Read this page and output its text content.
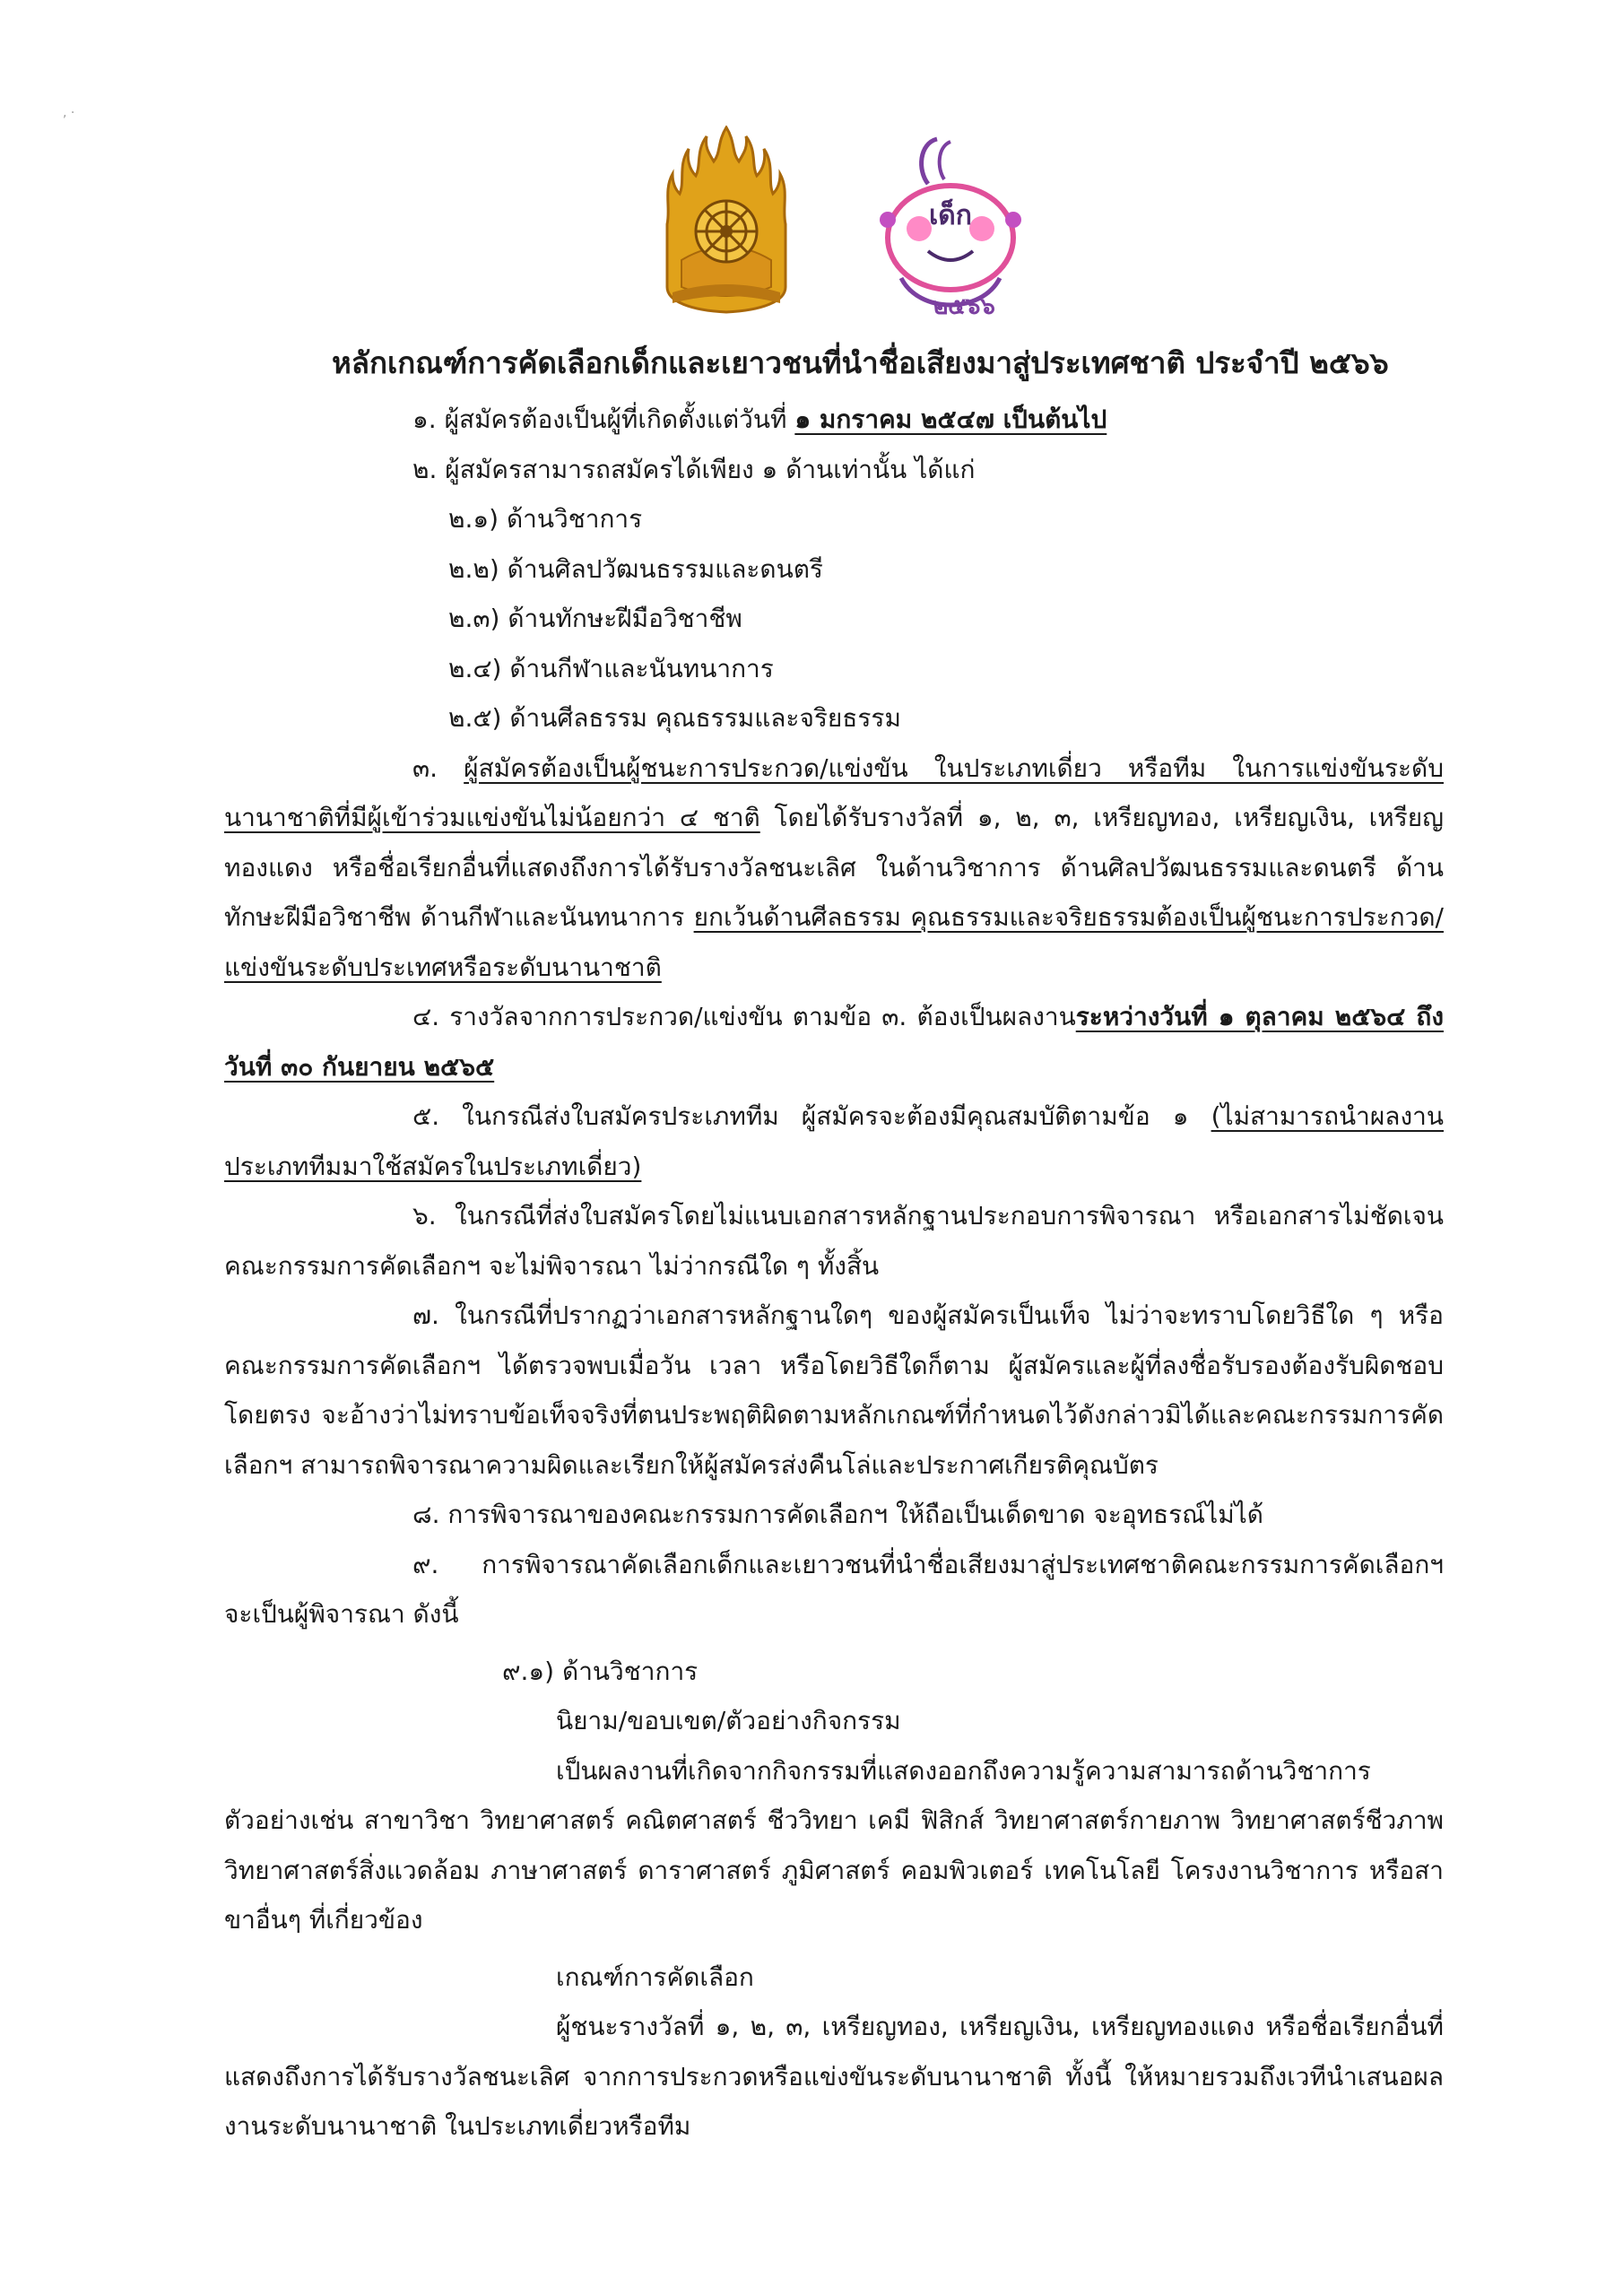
เด็ก
๒๕๖๖
, ·

หลักเกณฑ์การคัดเลือกเด็กและเยาวชนที่นำชื่อเสียงมาสู่ประเทศชาติ ประจำปี ๒๕๖๖

๑. ผู้สมัครต้องเป็นผู้ที่เกิดตั้งแต่วันที่ ๑ มกราคม ๒๕๔๗ เป็นต้นไป

๒. ผู้สมัครสามารถสมัครได้เพียง ๑ ด้านเท่านั้น ได้แก่

๒.๑) ด้านวิชาการ

๒.๒) ด้านศิลปวัฒนธรรมและดนตรี

๒.๓) ด้านทักษะฝีมือวิชาชีพ

๒.๔) ด้านกีฬาและนันทนาการ

๒.๕) ด้านศีลธรรม คุณธรรมและจริยธรรม

๓. ผู้สมัครต้องเป็นผู้ชนะการประกวด/แข่งขัน ในประเภทเดี่ยว หรือทีม ในการแข่งขันระดับนานาชาติที่มีผู้เข้าร่วมแข่งขันไม่น้อยกว่า ๔ ชาติ โดยได้รับรางวัลที่ ๑, ๒, ๓, เหรียญทอง, เหรียญเงิน, เหรียญทองแดง หรือชื่อเรียกอื่นที่แสดงถึงการได้รับรางวัลชนะเลิศ ในด้านวิชาการ ด้านศิลปวัฒนธรรมและดนตรี ด้านทักษะฝีมือวิชาชีพ ด้านกีฬาและนันทนาการ ยกเว้นด้านศีลธรรม คุณธรรมและจริยธรรมต้องเป็นผู้ชนะการประกวด/แข่งขันระดับประเทศหรือระดับนานาชาติ

๔. รางวัลจากการประกวด/แข่งขัน ตามข้อ ๓. ต้องเป็นผลงานระหว่างวันที่ ๑ ตุลาคม ๒๕๖๔ ถึงวันที่ ๓๐ กันยายน ๒๕๖๕

๕. ในกรณีส่งใบสมัครประเภททีม ผู้สมัครจะต้องมีคุณสมบัติตามข้อ ๑ (ไม่สามารถนำผลงานประเภททีมมาใช้สมัครในประเภทเดี่ยว)

๖. ในกรณีที่ส่งใบสมัครโดยไม่แนบเอกสารหลักฐานประกอบการพิจารณา หรือเอกสารไม่ชัดเจน คณะกรรมการคัดเลือกฯ จะไม่พิจารณา ไม่ว่ากรณีใด ๆ ทั้งสิ้น

๗. ในกรณีที่ปรากฏว่าเอกสารหลักฐานใดๆ ของผู้สมัครเป็นเท็จ ไม่ว่าจะทราบโดยวิธีใด ๆ หรือคณะกรรมการคัดเลือกฯ ได้ตรวจพบเมื่อวัน เวลา หรือโดยวิธีใดก็ตาม ผู้สมัครและผู้ที่ลงชื่อรับรองต้องรับผิดชอบโดยตรง จะอ้างว่าไม่ทราบข้อเท็จจริงที่ตนประพฤติผิดตามหลักเกณฑ์ที่กำหนดไว้ดังกล่าวมิได้และคณะกรรมการคัดเลือกฯ สามารถพิจารณาความผิดและเรียกให้ผู้สมัครส่งคืนโล่และประกาศเกียรติคุณบัตร

๘. การพิจารณาของคณะกรรมการคัดเลือกฯ ให้ถือเป็นเด็ดขาด จะอุทธรณ์ไม่ได้

๙. การพิจารณาคัดเลือกเด็กและเยาวชนที่นำชื่อเสียงมาสู่ประเทศชาติคณะกรรมการคัดเลือกฯ จะเป็นผู้พิจารณา ดังนี้

๙.๑) ด้านวิชาการ

นิยาม/ขอบเขต/ตัวอย่างกิจกรรม

เป็นผลงานที่เกิดจากกิจกรรมที่แสดงออกถึงความรู้ความสามารถด้านวิชาการ ตัวอย่างเช่น สาขาวิชา วิทยาศาสตร์ คณิตศาสตร์ ชีววิทยา เคมี ฟิสิกส์ วิทยาศาสตร์กายภาพ วิทยาศาสตร์ชีวภาพ วิทยาศาสตร์สิ่งแวดล้อม ภาษาศาสตร์ ดาราศาสตร์ ภูมิศาสตร์ คอมพิวเตอร์ เทคโนโลยี โครงงานวิชาการ หรือสาขาอื่นๆ ที่เกี่ยวข้อง

เกณฑ์การคัดเลือก

ผู้ชนะรางวัลที่ ๑, ๒, ๓, เหรียญทอง, เหรียญเงิน, เหรียญทองแดง หรือชื่อเรียกอื่นที่แสดงถึงการได้รับรางวัลชนะเลิศ จากการประกวดหรือแข่งขันระดับนานาชาติ ทั้งนี้ ให้หมายรวมถึงเวทีนำเสนอผลงานระดับนานาชาติ ในประเภทเดี่ยวหรือทีม
